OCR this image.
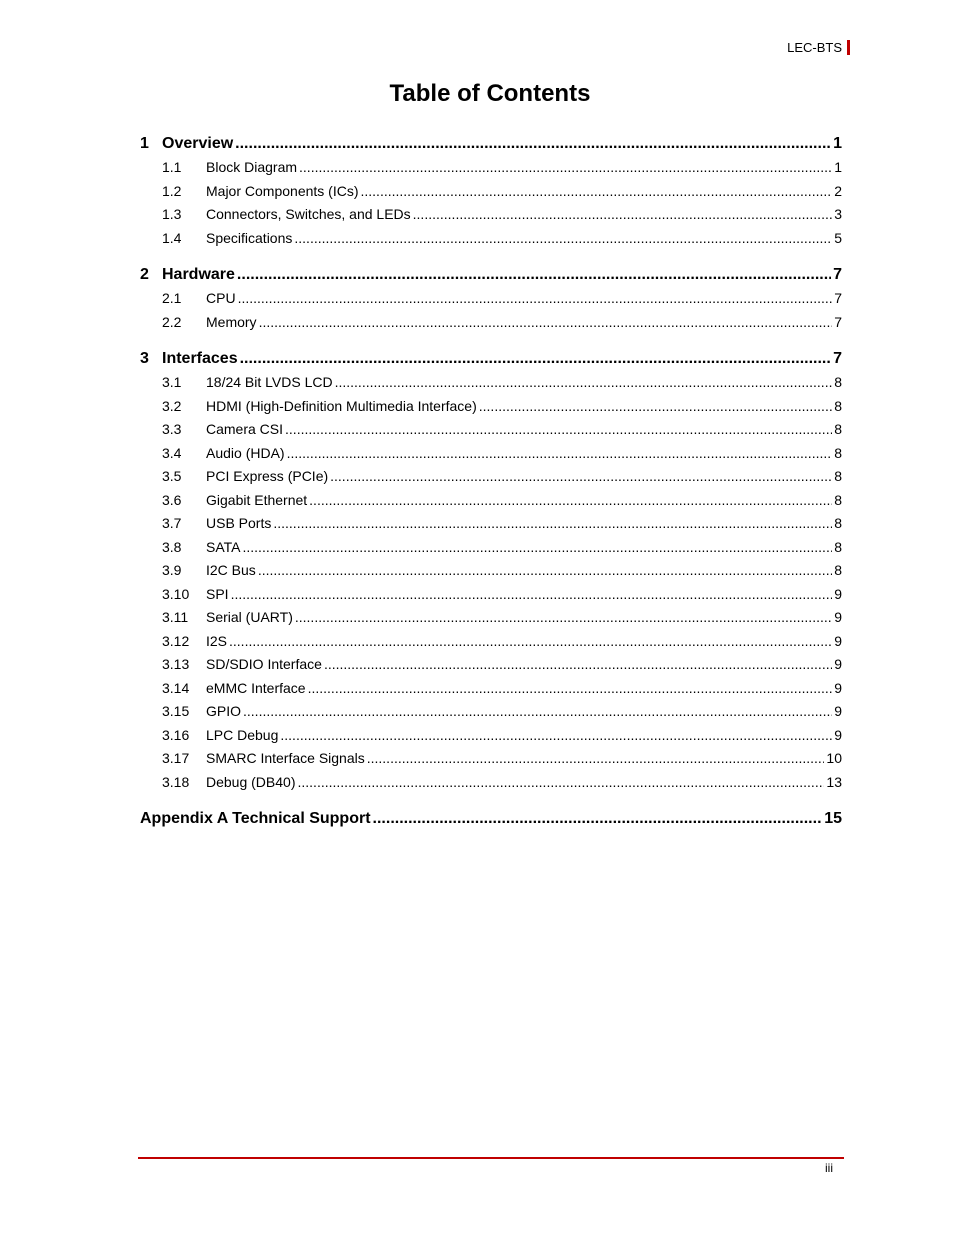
LEC-BTS
Table of Contents
1 Overview .....	1
1.1	Block Diagram .....	1
1.2	Major Components (ICs) .....	2
1.3	Connectors, Switches, and LEDs .....	3
1.4	Specifications .....	5
2 Hardware .....	7
2.1	CPU .....	7
2.2	Memory .....	7
3 Interfaces .....	7
3.1	18/24 Bit LVDS LCD .....	8
3.2	HDMI (High-Definition Multimedia Interface) .....	8
3.3	Camera CSI .....	8
3.4	Audio (HDA) .....	8
3.5	PCI Express (PCIe) .....	8
3.6	Gigabit Ethernet .....	8
3.7	USB Ports .....	8
3.8	SATA .....	8
3.9	I2C Bus .....	8
3.10	SPI .....	9
3.11	Serial (UART) .....	9
3.12	I2S .....	9
3.13	SD/SDIO Interface .....	9
3.14	eMMC Interface .....	9
3.15	GPIO .....	9
3.16	LPC Debug .....	9
3.17	SMARC Interface Signals .....	10
3.18	Debug (DB40) .....	13
Appendix A Technical Support .....	15
iii
